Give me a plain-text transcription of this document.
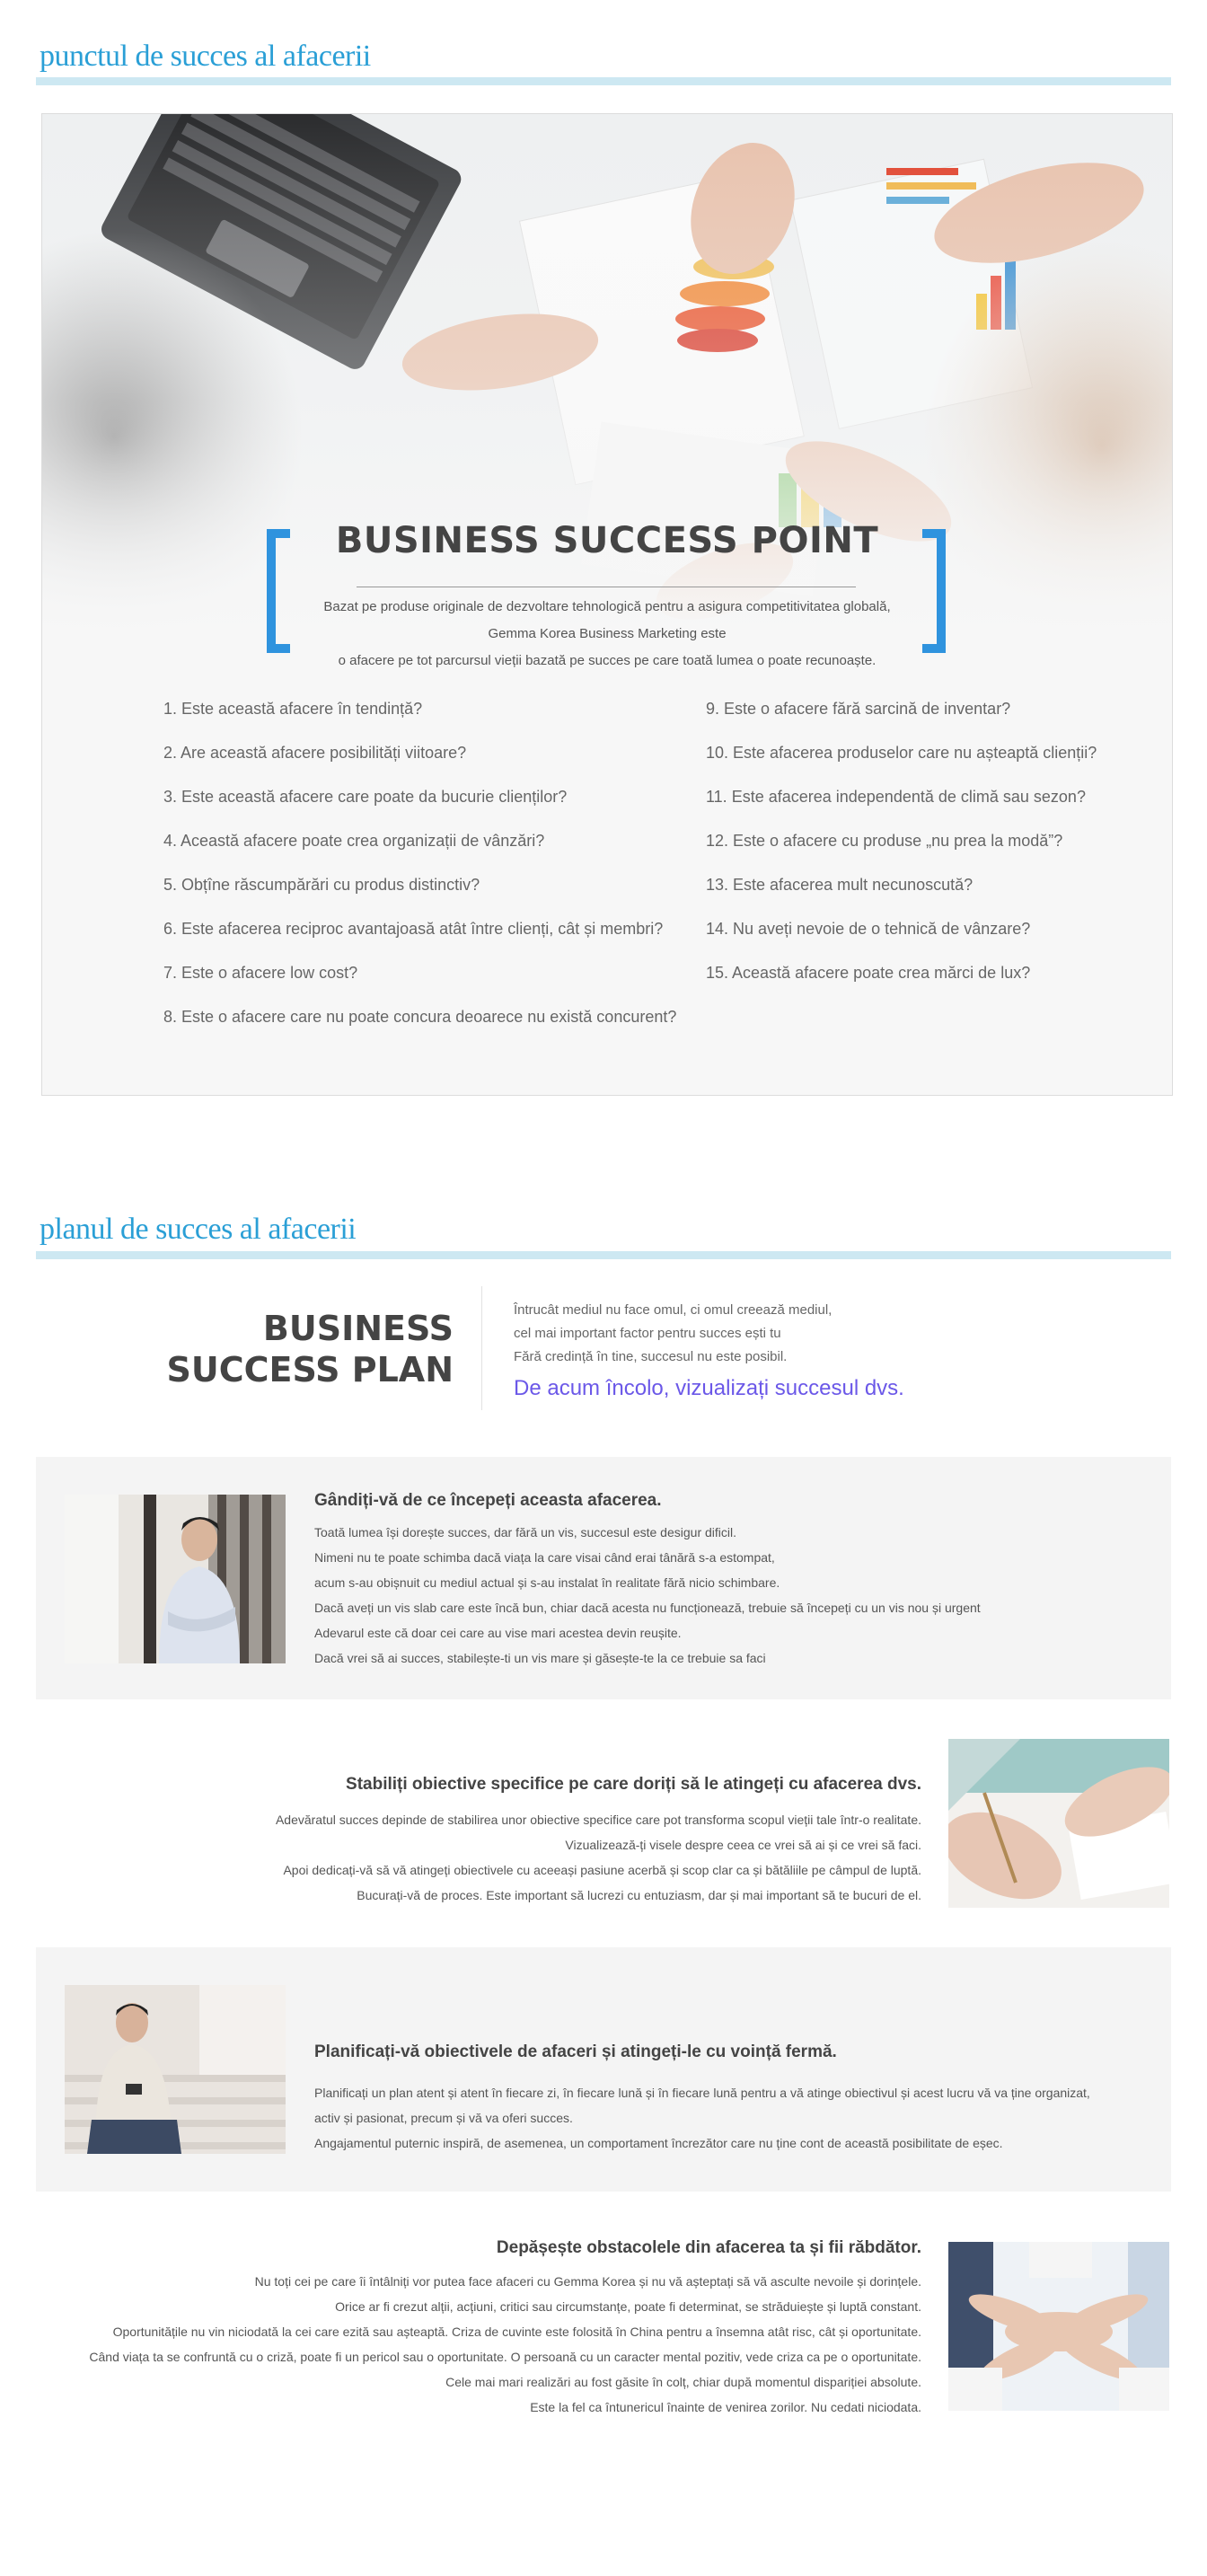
punctul de succes al afacerii
BUSINESS SUCCESS POINT
Bazat pe produse originale de dezvoltare tehnologică pentru a asigura competitivitatea globală,
Gemma Korea Business Marketing este
o afacere pe tot parcursul vieții bazată pe succes pe care toată lumea o poate recunoaște.
1. Este această afacere în tendință?
2. Are această afacere posibilități viitoare?
3. Este această afacere care poate da bucurie clienților?
4. Această afacere poate crea organizații de vânzări?
5. Obțîne răscumpărări cu produs distinctiv?
6. Este afacerea reciproc avantajoasă atât între clienți, cât și membri?
7. Este o afacere low cost?
8. Este o afacere care nu poate concura deoarece nu există concurent?
9. Este o afacere fără sarcină de inventar?
10. Este afacerea produselor care nu așteaptă clienții?
11. Este afacerea independentă de climă sau sezon?
12. Este o afacere cu produse „nu prea la modă”?
13. Este afacerea mult necunoscută?
14. Nu aveți nevoie de o tehnică de vânzare?
15. Această afacere poate crea mărci de lux?
planul de succes al afacerii
BUSINESS
SUCCESS PLAN
Întrucât mediul nu face omul, ci omul creează mediul,
cel mai important factor pentru succes ești tu
Fără credință în tine, succesul nu este posibil.
De acum încolo, vizualizați succesul dvs.
Gândiți-vă de ce începeți aceasta afacerea.
Toată lumea își dorește succes, dar fără un vis, succesul este desigur dificil.
Nimeni nu te poate schimba dacă viața la care visai când erai tânără s-a estompat,
acum s-au obișnuit cu mediul actual și s-au instalat în realitate fără nicio schimbare.
Dacă aveți un vis slab care este încă bun, chiar dacă acesta nu funcționează, trebuie să începeți cu un vis nou și urgent
Adevarul este că doar cei care au vise mari acestea devin reușite.
Dacă vrei să ai succes, stabilește-ti un vis mare și găsește-te la ce trebuie sa faci
Stabiliți obiective specifice pe care doriți să le atingeți cu afacerea dvs.
Adevăratul succes depinde de stabilirea unor obiective specifice care pot transforma scopul vieții tale într-o realitate.
Vizualizează-ți visele despre ceea ce vrei să ai și ce vrei să faci.
Apoi dedicați-vă să vă atingeți obiectivele cu aceeași pasiune acerbă și scop clar ca și bătăliile pe câmpul de luptă.
Bucurați-vă de proces. Este important să lucrezi cu entuziasm, dar și mai important să te bucuri de el.
Planificați-vă obiectivele de afaceri și atingeți-le cu voință fermă.
Planificați un plan atent și atent în fiecare zi, în fiecare lună și în fiecare lună pentru a vă atinge obiectivul și acest lucru vă va ține organizat,
activ și pasionat, precum și vă va oferi succes.
Angajamentul puternic inspiră, de asemenea, un comportament încrezător care nu ține cont de această posibilitate de eșec.
Depășește obstacolele din afacerea ta și fii răbdător.
Nu toți cei pe care îi întâlniți vor putea face afaceri cu Gemma Korea și nu vă așteptați să vă asculte nevoile și dorințele.
Orice ar fi crezut alții, acțiuni, critici sau circumstanțe, poate fi determinat, se străduiește și luptă constant.
Oportunitățile nu vin niciodată la cei care ezită sau așteaptă. Criza de cuvinte este folosită în China pentru a însemna atât risc, cât și oportunitate.
Când viața ta se confruntă cu o criză, poate fi un pericol sau o oportunitate. O persoană cu un caracter mental pozitiv, vede criza ca pe o oportunitate.
Cele mai mari realizări au fost găsite în colț, chiar după momentul dispariției absolute.
Este la fel ca întunericul înainte de venirea zorilor. Nu cedati niciodata.
